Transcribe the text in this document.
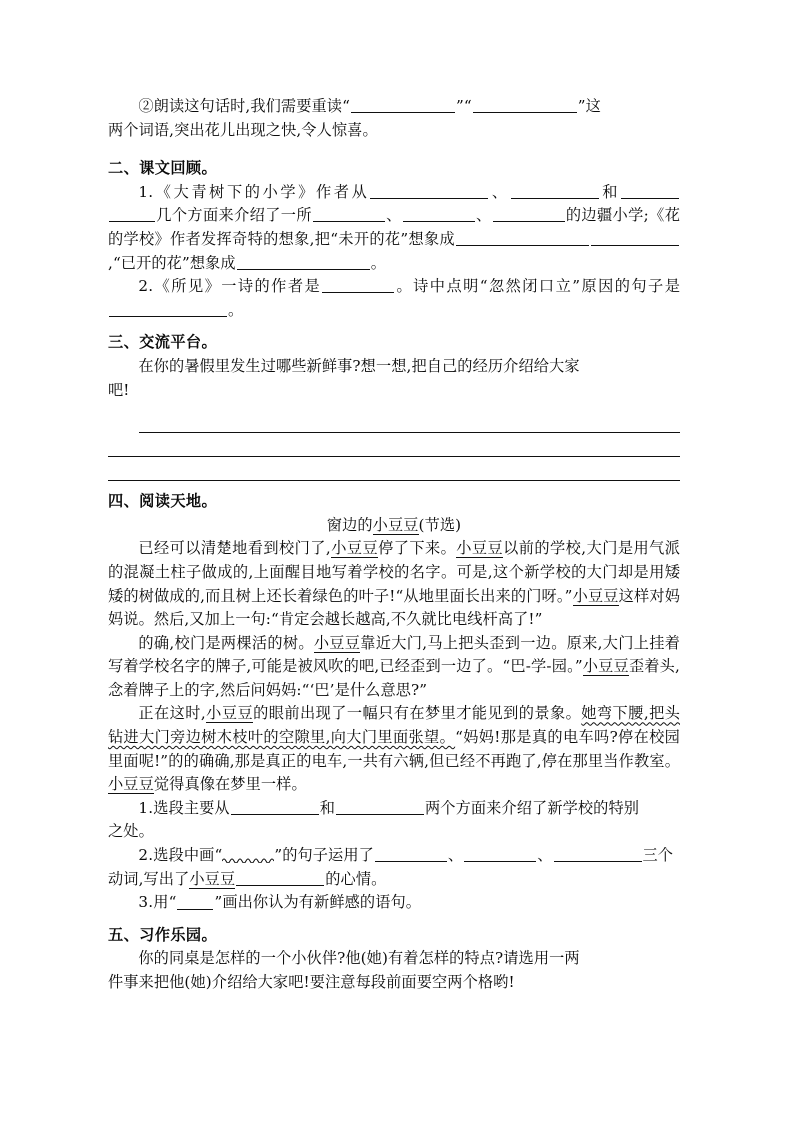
②朗读这句话时,我们需要重读“	”“	”这

两个词语,突出花儿出现之快,令人惊喜。

二、课文回顾。

1.《大青树下的小学》作者从	、	和几个方面来介绍了一所	、	、	的边疆小学;《花的学校》作者发挥奇特的想象,把“未开的花”想象成,“已开的花”想象成	。

2.《所见》一诗的作者是	。诗中点明“忽然闭口立”原因的句子是。

三、交流平台。

在你的暑假里发生过哪些新鲜事?想一想,把自己的经历介绍给大家

吧!

四、阅读天地。

窗边的小豆豆(节选)

已经可以清楚地看到校门了,小豆豆停了下来。小豆豆以前的学校,大门是用气派的混凝土柱子做成的,上面醒目地写着学校的名字。可是,这个新学校的大门却是用矮矮的树做成的,而且树上还长着绿色的叶子!“从地里面长出来的门呀。”小豆豆这样对妈妈说。然后,又加上一句:“肯定会越长越高,不久就比电线杆高了!”

的确,校门是两棵活的树。小豆豆靠近大门,马上把头歪到一边。原来,大门上挂着写着学校名字的牌子,可能是被风吹的吧,已经歪到一边了。“巴-学-园。”小豆豆歪着头,念着牌子上的字,然后问妈妈:“‘巴’是什么意思?”

正在这时,小豆豆的眼前出现了一幅只有在梦里才能见到的景象。她弯下腰,把头钻进大门旁边树木枝叶的空隙里,向大门里面张望。“妈妈!那是真的电车吗?停在校园里面呢!”的的确确,那是真正的电车,一共有六辆,但已经不再跑了,停在那里当作教室。小豆豆觉得真像在梦里一样。

1.选段主要从	和	两个方面来介绍了新学校的特别

之处。

2.选段中画“	”的句子运用了	、	、	三个

动词,写出了小豆豆	的心情。

3.用“	”画出你认为有新鲜感的语句。

五、习作乐园。

你的同桌是怎样的一个小伙伴?他(她)有着怎样的特点?请选用一两

件事来把他(她)介绍给大家吧!要注意每段前面要空两个格哟!
